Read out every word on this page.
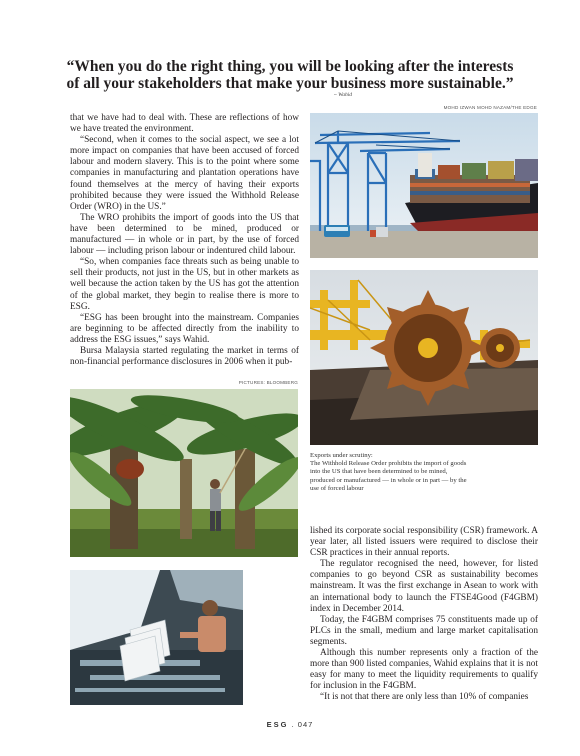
“When you do the right thing, you will be looking after the interests of all your stakeholders that make your business more sustainable.”
~ Wahid
MOHD IZWAN MOHD NAZAM/THE EDGE

that we have had to deal with. These are reflections of how we have treated the environment.

“Second, when it comes to the social aspect, we see a lot more impact on companies that have been accused of forced labour and modern slavery. This is to the point where some companies in manufacturing and plantation operations have found themselves at the mercy of having their exports prohibited because they were issued the Withhold Release Order (WRO) in the US.”

The WRO prohibits the import of goods into the US that have been determined to be mined, produced or manufactured — in whole or in part, by the use of forced labour — including prison labour or indentured child labour.

“So, when companies face threats such as being unable to sell their products, not just in the US, but in other markets as well because the action taken by the US has got the attention of the global market, they begin to realise there is more to ESG.

“ESG has been brought into the mainstream. Companies are beginning to be affected directly from the inability to address the ESG issues,” says Wahid.

Bursa Malaysia started regulating the market in terms of non-financial performance disclosures in 2006 when it pub-

PICTURES: BLOOMBERG
Exports under scrutiny:
The Withhold Release Order prohibits the import of goods into the US that have been determined to be mined, produced or manufactured — in whole or in part — by the use of forced labour

lished its corporate social responsibility (CSR) framework. A year later, all listed issuers were required to disclose their CSR practices in their annual reports.

The regulator recognised the need, however, for listed companies to go beyond CSR as sustainability becomes mainstream. It was the first exchange in Asean to work with an international body to launch the FTSE4Good (F4GBM) index in December 2014.

Today, the F4GBM comprises 75 constituents made up of PLCs in the small, medium and large market capitalisation segments.

Although this number represents only a fraction of the more than 900 listed companies, Wahid explains that it is not easy for many to meet the liquidity requirements to qualify for inclusion in the F4GBM.

“It is not that there are only less than 10% of companies

ESG . 047
